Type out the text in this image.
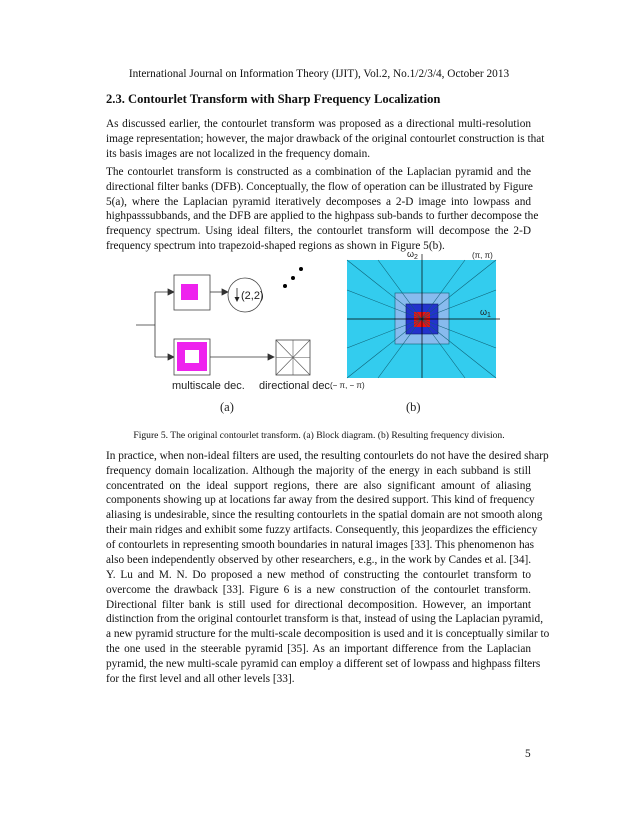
International Journal on Information Theory (IJIT), Vol.2, No.1/2/3/4, October 2013
2.3. Contourlet Transform with Sharp Frequency Localization
As discussed earlier, the contourlet transform was proposed as a directional multi-resolution
image representation; however, the major drawback of the original contourlet construction is that
its basis images are not localized in the frequency domain.
The contourlet transform is constructed as a combination of the Laplacian pyramid and the
directional filter banks (DFB). Conceptually, the flow of operation can be illustrated by Figure
5(a), where the Laplacian pyramid iteratively decomposes a 2-D image into lowpass and
highpasssubbands, and the DFB are applied to the highpass sub-bands to further decompose the
frequency spectrum. Using ideal filters, the contourlet transform will decompose the 2-D
frequency spectrum into trapezoid-shaped regions as shown in Figure 5(b).
(2,2)
multiscale dec. directional dec.
(a)
$\omega_2$
$\omega_1$
(π, π)
(− π, − π)
(b)
Figure 5. The original contourlet transform. (a) Block diagram. (b) Resulting frequency division.
In practice, when non-ideal filters are used, the resulting contourlets do not have the desired sharp
frequency domain localization. Although the majority of the energy in each subband is still
concentrated on the ideal support regions, there are also significant amount of aliasing
components showing up at locations far away from the desired support. This kind of frequency
aliasing is undesirable, since the resulting contourlets in the spatial domain are not smooth along
their main ridges and exhibit some fuzzy artifacts. Consequently, this jeopardizes the efficiency
of contourlets in representing smooth boundaries in natural images [33]. This phenomenon has
also been independently observed by other researchers, e.g., in the work by Candes et al. [34].
Y. Lu and M. N. Do proposed a new method of constructing the contourlet transform to
overcome the drawback [33]. Figure 6 is a new construction of the contourlet transform.
Directional filter bank is still used for directional decomposition. However, an important
distinction from the original contourlet transform is that, instead of using the Laplacian pyramid,
a new pyramid structure for the multi-scale decomposition is used and it is conceptually similar to
the one used in the steerable pyramid [35]. As an important difference from the Laplacian
pyramid, the new multi-scale pyramid can employ a different set of lowpass and highpass filters
for the first level and all other levels [33].
5
